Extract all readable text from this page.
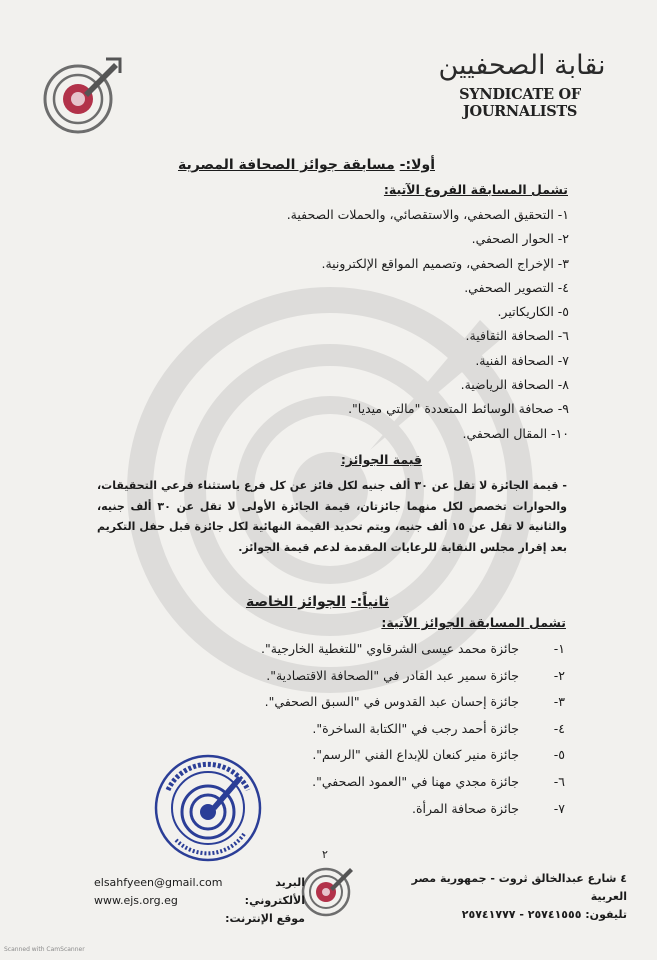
نقابة الصحفيين
SYNDICATE OF JOURNALISTS
أولا:- مسابقة جوائز الصحافة المصرية
تشمل المسابقة الفروع الآتية:
١- التحقيق الصحفي، والاستقصائي، والحملات الصحفية.
٢- الحوار الصحفي.
٣- الإخراج الصحفي، وتصميم المواقع الإلكترونية.
٤- التصوير الصحفي.
٥- الكاريكاتير.
٦- الصحافة الثقافية.
٧- الصحافة الفنية.
٨- الصحافة الرياضية.
٩- صحافة الوسائط المتعددة "مالتي ميديا".
١٠- المقال الصحفي.
قيمة الجوائز:
- قيمة الجائزة لا تقل عن ٣٠ ألف جنيه لكل فائز عن كل فرع باستثناء فرعي التحقيقات، والحوارات تخصص لكل منهما جائزتان، قيمة الجائزة الأولى لا تقل عن ٣٠ ألف جنيه، والثانية لا تقل عن ١٥ ألف جنيه، ويتم تحديد القيمة النهائية لكل جائزة قبل حفل التكريم بعد إقرار مجلس النقابة للرعايات المقدمة لدعم قيمة الجوائز.
ثانياً:- الجوائز الخاصة
تشمل المسابقة الجوائز الآتية:
١-جائزة محمد عيسى الشرقاوي "للتغطية الخارجية".
٢-جائزة سمير عبد القادر في "الصحافة الاقتصادية".
٣-جائزة إحسان عبد القدوس في "السبق الصحفي".
٤-جائزة أحمد رجب في "الكتابة الساخرة".
٥-جائزة منير كنعان للإبداع الفني "الرسم".
٦-جائزة مجدي مهنا في "العمود الصحفي".
٧-جائزة صحافة المرأة.
٢
٤ شارع عبدالخالق ثروت - جمهورية مصر العربية
تليفون: ٢٥٧٤١٥٥٥ - ٢٥٧٤١٧٧٧
البريد الألكتروني:
موقع الإنترنت:
elsahfyeen@gmail.com
www.ejs.org.eg
Scanned with CamScanner
